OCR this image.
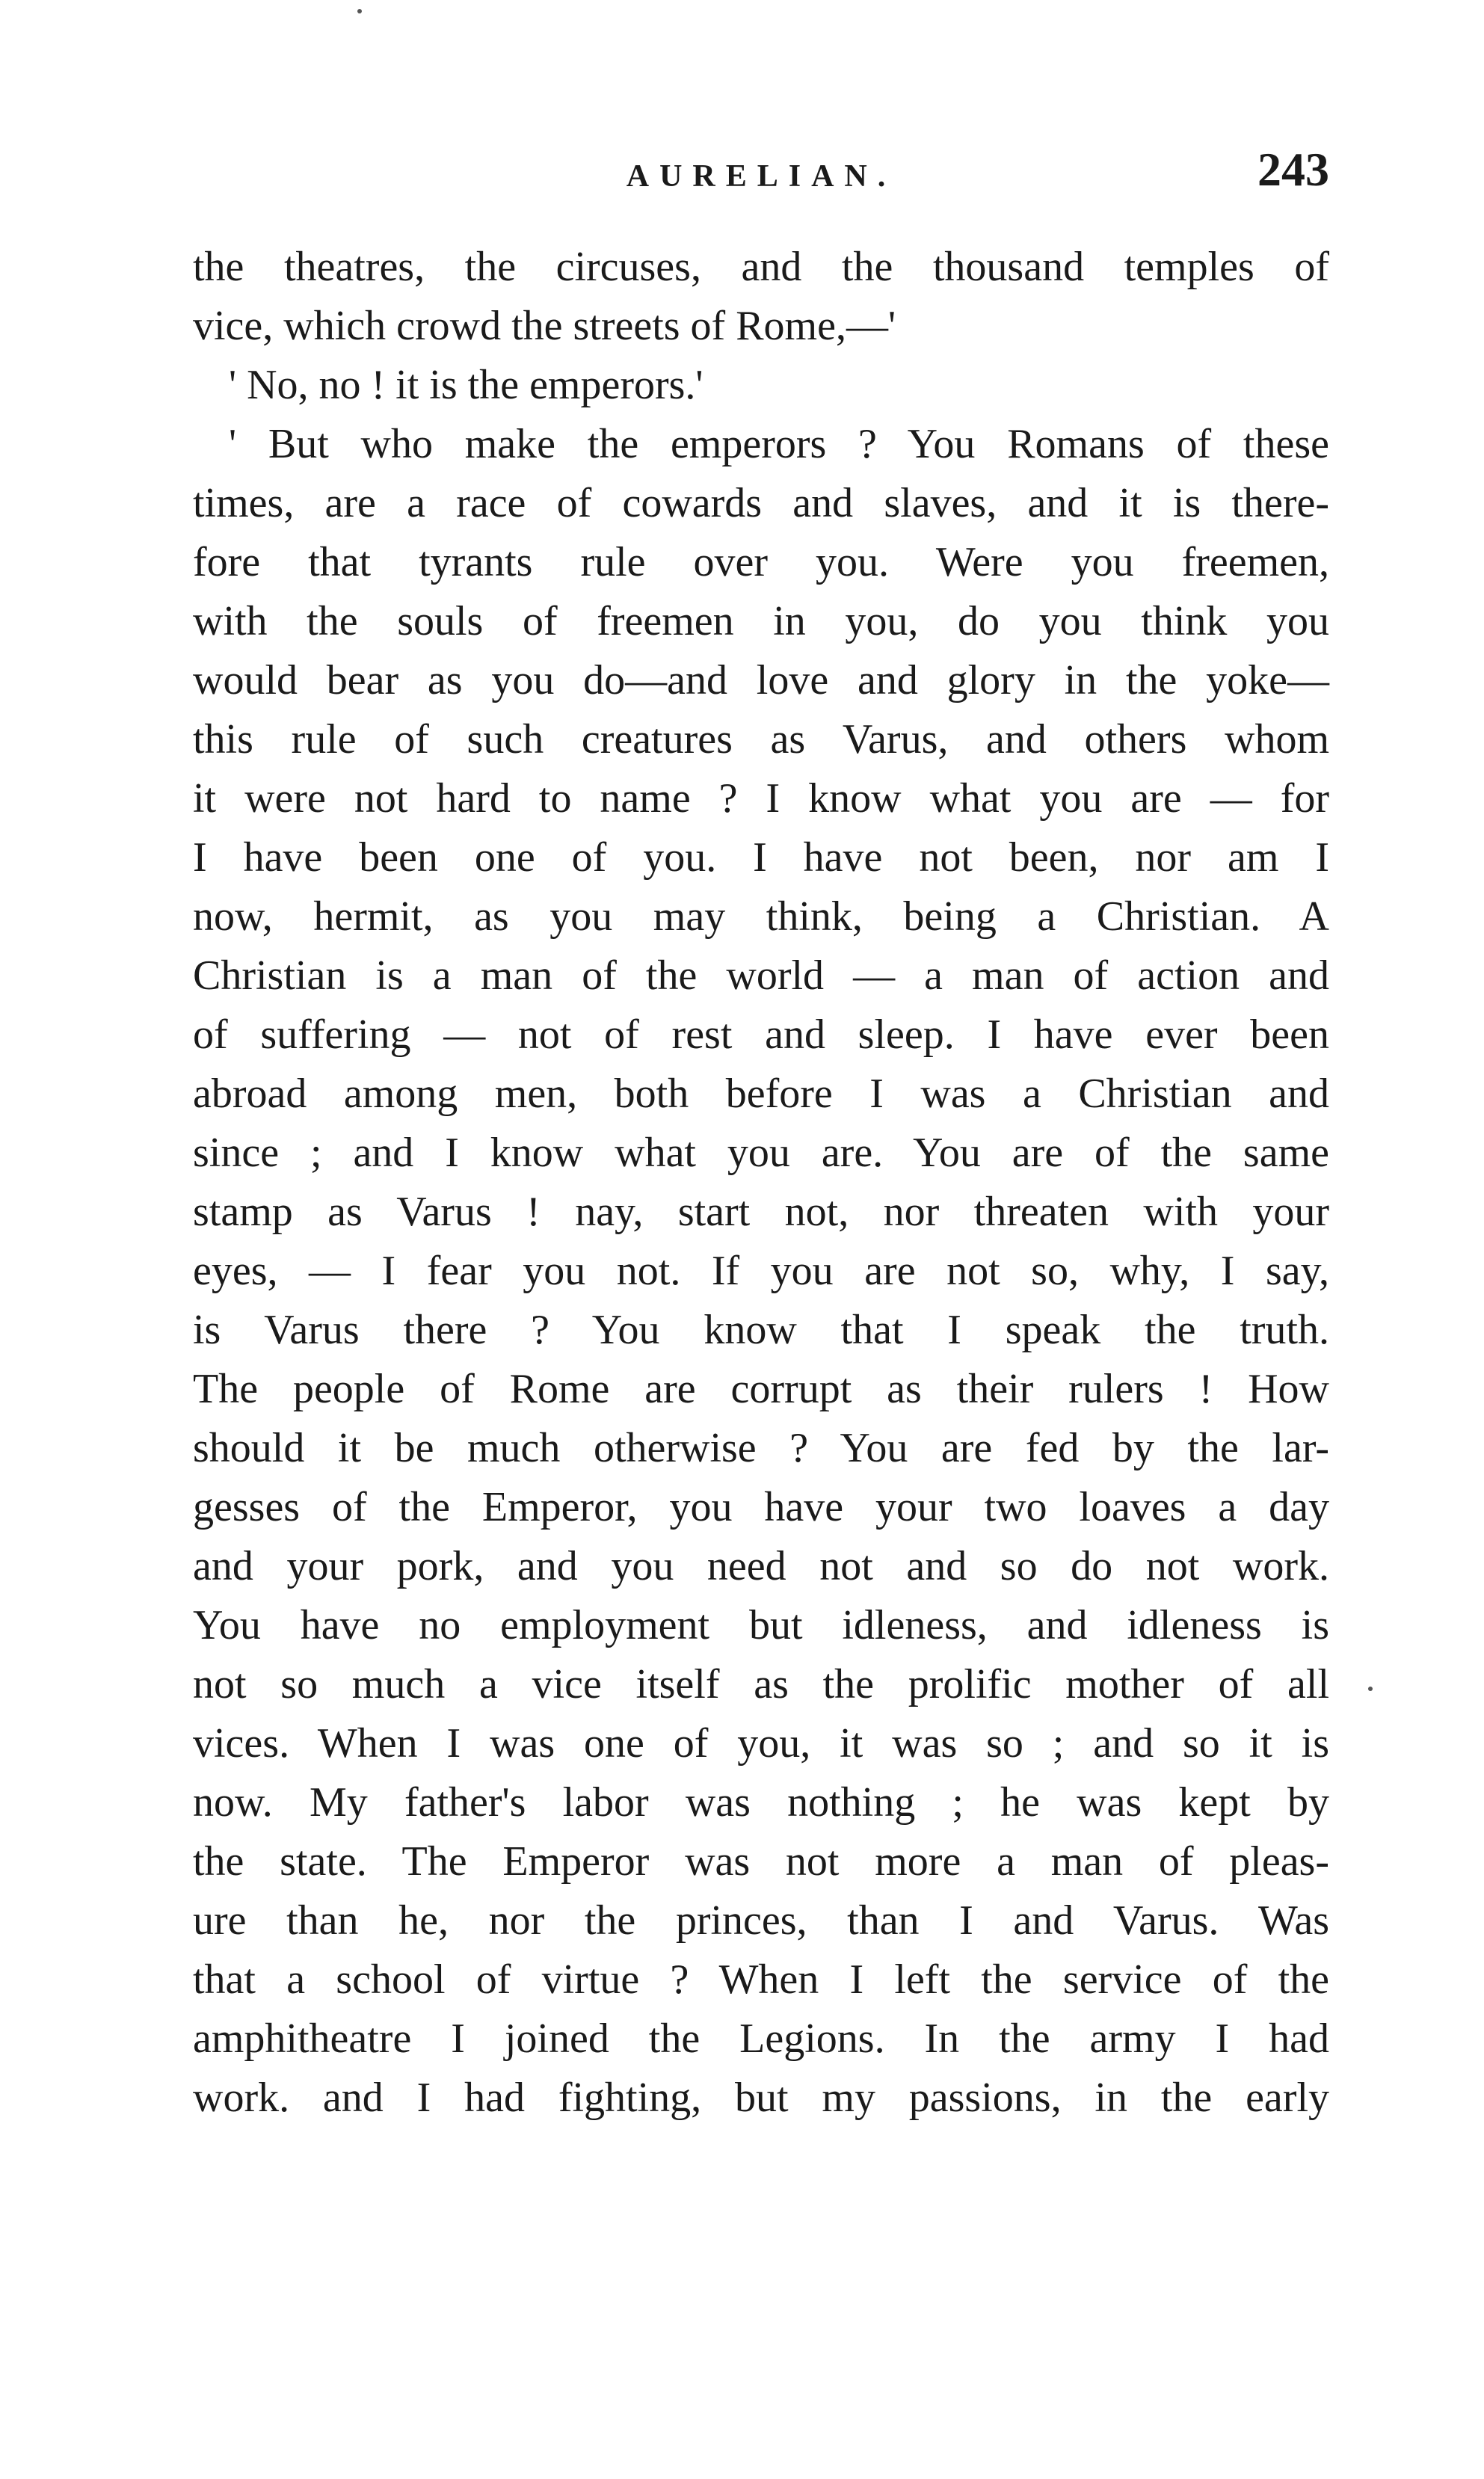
AURELIAN.	243
the theatres, the circuses, and the thousand temples of
vice, which crowd the streets of Rome,—'
' No, no ! it is the emperors.'
' But who make the emperors ? You Romans of these
times, are a race of cowards and slaves, and it is there-
fore that tyrants rule over you. Were you freemen,
with the souls of freemen in you, do you think you
would bear as you do—and love and glory in the yoke—
this rule of such creatures as Varus, and others whom
it were not hard to name ? I know what you are — for
I have been one of you. I have not been, nor am I
now, hermit, as you may think, being a Christian. A
Christian is a man of the world — a man of action and
of suffering — not of rest and sleep. I have ever been
abroad among men, both before I was a Christian and
since ; and I know what you are. You are of the same
stamp as Varus ! nay, start not, nor threaten with your
eyes, — I fear you not. If you are not so, why, I say,
is Varus there ? You know that I speak the truth.
The people of Rome are corrupt as their rulers ! How
should it be much otherwise ? You are fed by the lar-
gesses of the Emperor, you have your two loaves a day
and your pork, and you need not and so do not work.
You have no employment but idleness, and idleness is
not so much a vice itself as the prolific mother of all
vices. When I was one of you, it was so ; and so it is
now. My father's labor was nothing ; he was kept by
the state. The Emperor was not more a man of pleas-
ure than he, nor the princes, than I and Varus. Was
that a school of virtue ? When I left the service of the
amphitheatre I joined the Legions. In the army I had
work. and I had fighting, but my passions, in the early
